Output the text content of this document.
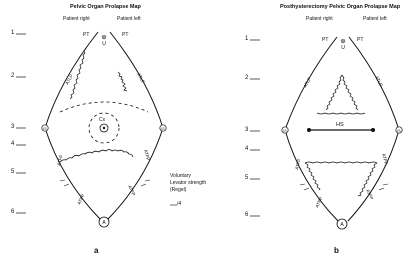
Pelvic Organ Prolapse Map
Patient right	Patient left
PT	PT
⊕
U
1
2
3
4
5
6
IS	IS
ATLP	ATLP
ATFP
ATFP
ATFP
ATFP
Cx
A
Voluntary Levator strength (Regel)
/4
a
Posthysterectomy Pelvic Organ Prolapse Map
Patient right	Patient left
PT	PT
⊕
U
1
2
3
4
5
6
IS	IS
ATLP	ATLP
ATFP
ATFP
ATFP
ATFP
HS
A
b
